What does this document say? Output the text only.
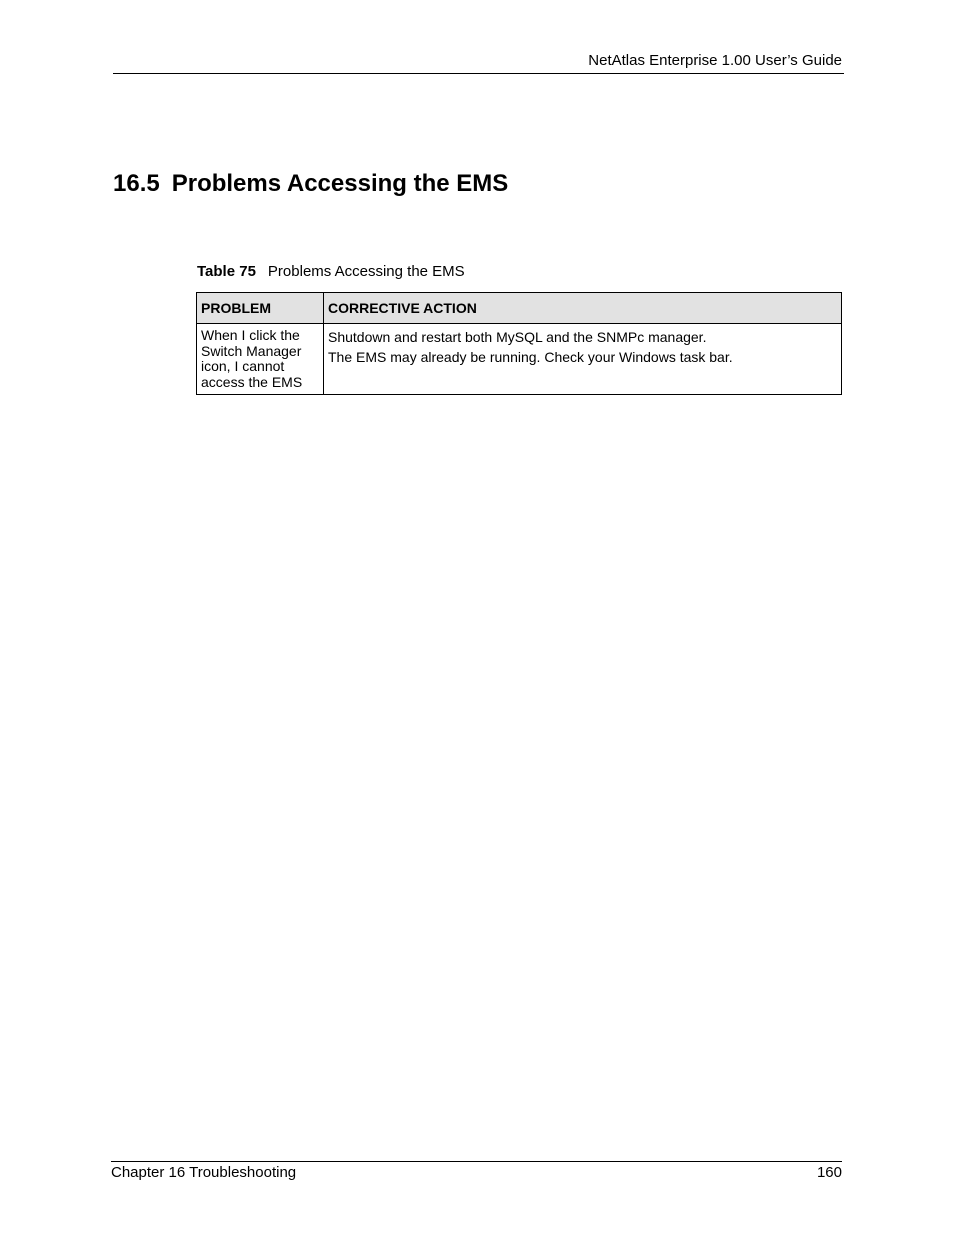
NetAtlas Enterprise 1.00 User’s Guide
16.5 Problems Accessing the EMS
Table 75 Problems Accessing the EMS
PROBLEM	CORRECTIVE ACTION
When I click the Switch Manager icon, I cannot access the EMS	Shutdown and restart both MySQL and the SNMPc manager.
The EMS may already be running. Check your Windows task bar.
Chapter 16 Troubleshooting	160
